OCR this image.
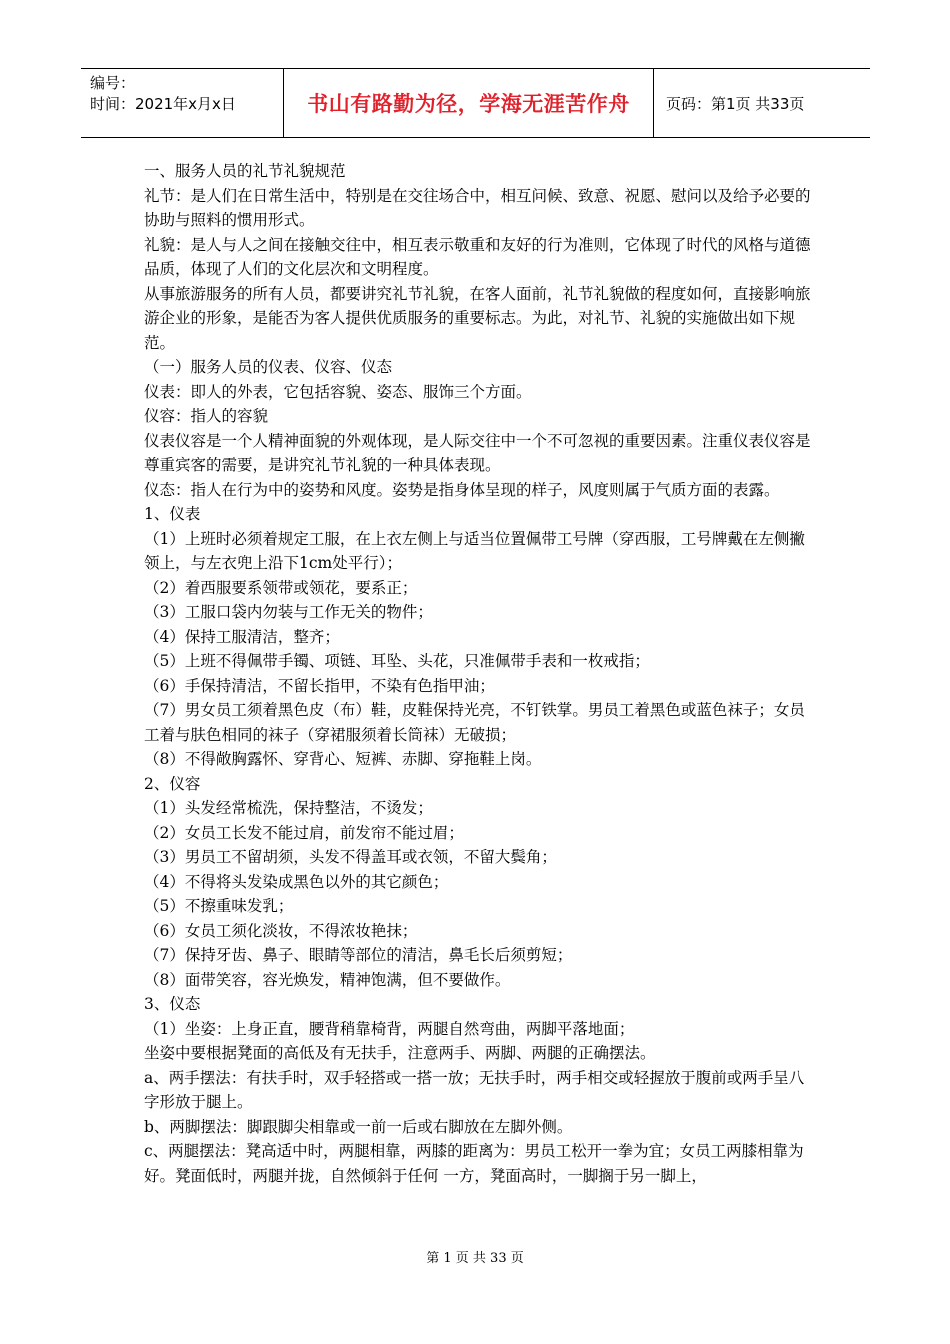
编号：
时间：2021年x月x日	书山有路勤为径，学海无涯苦作舟 页码：第1页 共33页

一、服务人员的礼节礼貌规范

礼节：是人们在日常生活中，特别是在交往场合中，相互问候、致意、祝愿、慰问以及给予必要的协助与照料的惯用形式。

礼貌：是人与人之间在接触交往中，相互表示敬重和友好的行为准则，它体现了时代的风格与道德品质，体现了人们的文化层次和文明程度。

从事旅游服务的所有人员，都要讲究礼节礼貌，在客人面前，礼节礼貌做的程度如何，直接影响旅游企业的形象，是能否为客人提供优质服务的重要标志。为此，对礼节、礼貌的实施做出如下规范。

（一）服务人员的仪表、仪容、仪态

仪表：即人的外表，它包括容貌、姿态、服饰三个方面。

仪容：指人的容貌

仪表仪容是一个人精神面貌的外观体现，是人际交往中一个不可忽视的重要因素。注重仪表仪容是尊重宾客的需要，是讲究礼节礼貌的一种具体表现。

仪态：指人在行为中的姿势和风度。姿势是指身体呈现的样子，风度则属于气质方面的表露。

1、仪表

（1）上班时必须着规定工服，在上衣左侧上与适当位置佩带工号牌（穿西服，工号牌戴在左侧撇领上，与左衣兜上沿下1cm处平行）；

（2）着西服要系领带或领花，要系正；

（3）工服口袋内勿装与工作无关的物件；

（4）保持工服清洁，整齐；

（5）上班不得佩带手镯、项链、耳坠、头花，只准佩带手表和一枚戒指；

（6）手保持清洁，不留长指甲，不染有色指甲油；

（7）男女员工须着黑色皮（布）鞋，皮鞋保持光亮，不钉铁掌。男员工着黑色或蓝色袜子；女员工着与肤色相同的袜子（穿裙服须着长筒袜）无破损；

（8）不得敞胸露怀、穿背心、短裤、赤脚、穿拖鞋上岗。

2、仪容

（1）头发经常梳洗，保持整洁，不烫发；

（2）女员工长发不能过肩，前发帘不能过眉；

（3）男员工不留胡须，头发不得盖耳或衣领，不留大鬓角；

（4）不得将头发染成黑色以外的其它颜色；

（5）不擦重味发乳；

（6）女员工须化淡妆，不得浓妆艳抹；

（7）保持牙齿、鼻子、眼睛等部位的清洁，鼻毛长后须剪短；

（8）面带笑容，容光焕发，精神饱满，但不要做作。

3、仪态

（1）坐姿：上身正直，腰背稍靠椅背，两腿自然弯曲，两脚平落地面；

坐姿中要根据凳面的高低及有无扶手，注意两手、两脚、两腿的正确摆法。

a、两手摆法：有扶手时，双手轻搭或一搭一放；无扶手时，两手相交或轻握放于腹前或两手呈八字形放于腿上。

b、两脚摆法：脚跟脚尖相靠或一前一后或右脚放在左脚外侧。

c、两腿摆法：凳高适中时，两腿相靠，两膝的距离为：男员工松开一拳为宜；女员工两膝相靠为好。凳面低时，两腿并拢，自然倾斜于任何 一方，凳面高时，一脚搁于另一脚上，

第 1 页 共 33 页
